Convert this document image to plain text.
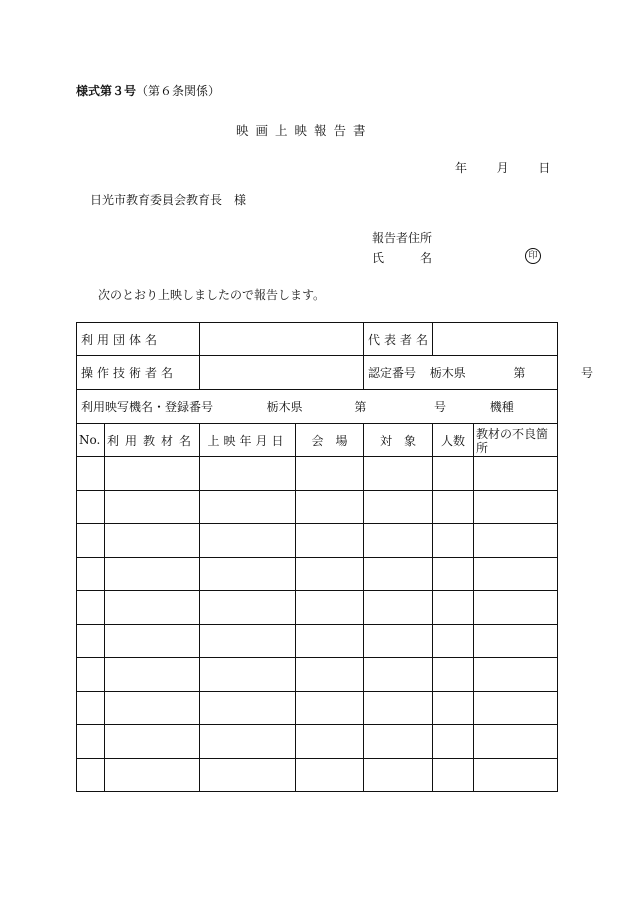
様式第３号（第６条関係）
映画上映報告書
年 月 日
日光市教育委員会教育長　様
報告者住所
氏	名	印
次のとおり上映しましたので報告します。
利用団体名				代表者名		
操作技術者名				認定番号 栃木県 第 号		
利用映写機名・登録番号 栃木県 第 号 機種						
No.	利用教材名	上映年月日	会　場	対　象	人数	教材の不良箇所
